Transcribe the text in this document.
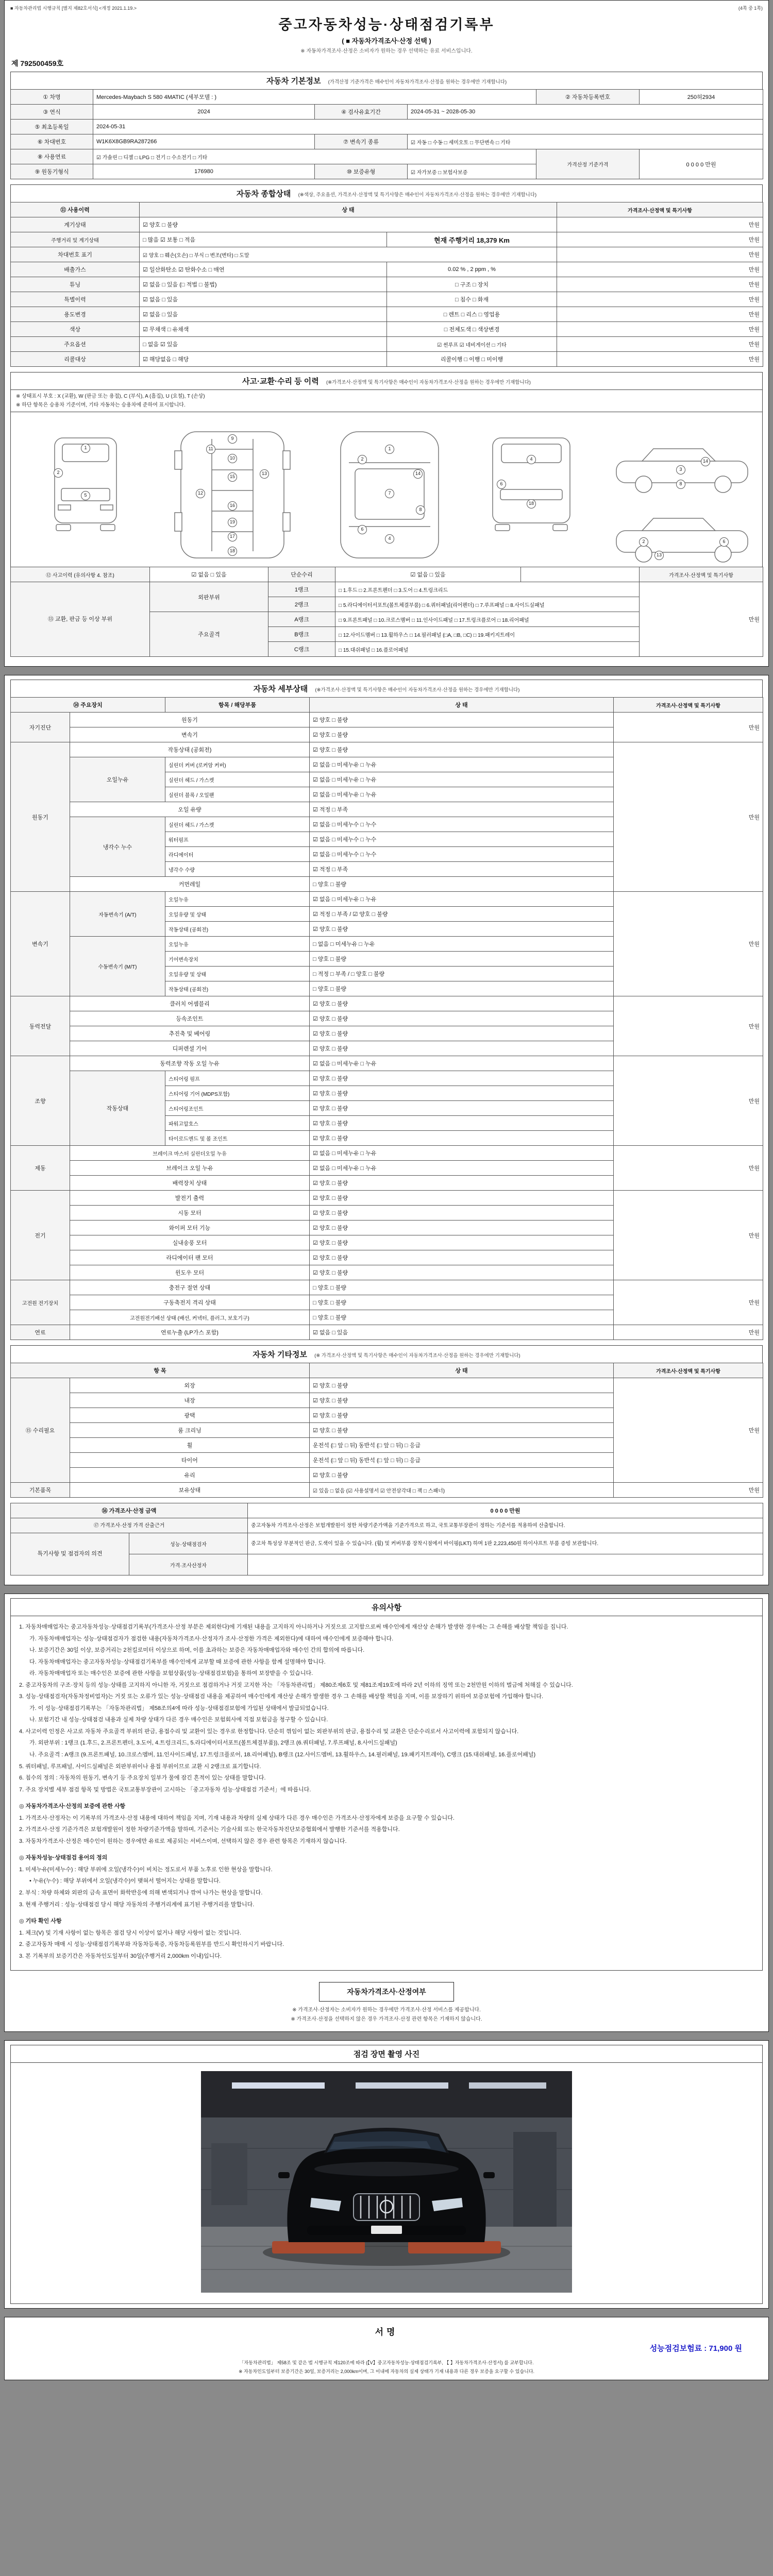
■ 자동차관리법 시행규칙 [별지 제82호서식] <개정 2021.1.19.>	(4쪽 중 1쪽)
중고자동차성능·상태점검기록부
( ■ 자동차가격조사·산정 선택 )
※ 자동차가격조사·산정은 소비자가 원하는 경우 선택하는 유료 서비스입니다.
제 792500459호
자동차 기본정보 (가격산정 기준가격은 매수인이 자동차가격조사·산정을 원하는 경우에만 기재합니다)
① 차명	Mercedes-Maybach S 580 4MATIC (세부모델 : )			② 자동차등록번호	250허2934
③ 연식	2024	④ 검사유효기간	2024-05-31 ~ 2028-05-30		
⑤ 최초등록일	2024-05-31				
⑥ 차대번호	W1K6X8GB9RA287266	⑦ 변속기 종류	☑ 자동 □ 수동 □ 세미오토 □ 무단변속 □ 기타		
⑧ 사용연료	☑ 가솔린 □ 디젤 □ LPG □ 전기 □ 수소전기 □ 기타			가격산정 기준가격	0 0 0 0 만원
⑨ 원동기형식	176980	⑩ 보증유형	☑ 자가보증 □ 보험사보증		
자동차 종합상태 (※색상, 주요옵션, 가격조사·산정액 및 특기사항은 매수인이 자동차가격조사·산정을 원하는 경우에만 기재합니다)
⑪ 사용이력	상 태		가격조사·산정액 및 특기사항
계기상태	☑ 양호 □ 불량		만원
주행거리 및 계기상태	□ 많음 ☑ 보통 □ 적음	현재 주행거리 18,379 Km	만원
차대번호 표기	☑ 양호 □ 훼손(오손) □ 부식 □ 변조(변타) □ 도말		만원
배출가스	☑ 일산화탄소 ☑ 탄화수소 □ 매연	0.02 % , 2 ppm , %	만원
튜닝	☑ 없음 □ 있음 (□ 적법 □ 불법)	□ 구조 □ 장치	만원
특별이력	☑ 없음 □ 있음	□ 침수 □ 화재	만원
용도변경	☑ 없음 □ 있음	□ 렌트 □ 리스 □ 영업용	만원
색상	☑ 무채색 □ 유채색	□ 전체도색 □ 색상변경	만원
주요옵션	□ 없음 ☑ 있음	☑ 썬루프 ☑ 네비게이션 □ 기타	만원
리콜대상	☑ 해당없음 □ 해당	리콜이행 □ 이행 □ 미이행	만원
사고·교환·수리 등 이력 (※가격조사·산정액 및 특기사항은 매수인이 자동차가격조사·산정을 원하는 경우에만 기재합니다)
※ 상태표시 부호 : X (교환), W (판금 또는 용접), C (부식), A (흠집), U (요철), T (손상)
※ 하단 항목은 승용차 기준이며, 기타 자동차는 승용차에 준하여 표시합니다.
1
5
2
9
10
11
15
12
13
16
19
17
18
1
2
7
8
6
4
14
4
6
18
3
8
14
2	6
13
⑫ 사고이력 (유의사항 4. 참조)	☑ 없음 □ 있음	단순수리	☑ 없음 □ 있음		가격조사·산정액 및 특기사항
⑬ 교환, 판금 등 이상 부위	외판부위	1랭크	□ 1.후드 □ 2.프론트펜더 □ 3.도어 □ 4.트렁크리드		만원
		2랭크	□ 5.라디에이터서포트(볼트체결부품) □ 6.쿼터패널(리어펜더) □ 7.루프패널 □ 8.사이드실패널		
	주요골격	A랭크	□ 9.프론트패널 □ 10.크로스멤버 □ 11.인사이드패널 □ 17.트렁크플로어 □ 18.리어패널		
		B랭크	□ 12.사이드멤버 □ 13.휠하우스 □ 14.필러패널 (□A, □B, □C) □ 19.패키지트레이		
		C랭크	□ 15.대쉬패널 □ 16.플로어패널		
자동차 세부상태 (※가격조사·산정액 및 특기사항은 매수인이 자동차가격조사·산정을 원하는 경우에만 기재합니다)
⑭ 주요장치		항목 / 해당부품	상 태	가격조사·산정액 및 특기사항
자기진단	원동기		☑ 양호 □ 불량	만원
	변속기		☑ 양호 □ 불량	
원동기	작동상태 (공회전)		☑ 양호 □ 불량	만원
	오일누유	실린더 커버 (로커암 커버)	☑ 없음 □ 미세누유 □ 누유	
		실린더 헤드 / 가스켓	☑ 없음 □ 미세누유 □ 누유	
		실린더 블록 / 오일팬	☑ 없음 □ 미세누유 □ 누유	
	오일 유량		☑ 적정 □ 부족	
	냉각수 누수	실린더 헤드 / 가스켓	☑ 없음 □ 미세누수 □ 누수	
		워터펌프	☑ 없음 □ 미세누수 □ 누수	
		라디에이터	☑ 없음 □ 미세누수 □ 누수	
		냉각수 수량	☑ 적정 □ 부족	
	커먼레일		□ 양호 □ 불량	
변속기	자동변속기 (A/T)	오일누유	☑ 없음 □ 미세누유 □ 누유	만원
		오일유량 및 상태	☑ 적정 □ 부족 / ☑ 양호 □ 불량	
		작동상태 (공회전)	☑ 양호 □ 불량	
	수동변속기 (M/T)	오일누유	□ 없음 □ 미세누유 □ 누유	
		기어변속장치	□ 양호 □ 불량	
		오일유량 및 상태	□ 적정 □ 부족 / □ 양호 □ 불량	
		작동상태 (공회전)	□ 양호 □ 불량	
동력전달	클러치 어셈블리		☑ 양호 □ 불량	만원
	등속조인트		☑ 양호 □ 불량	
	추진축 및 베어링		☑ 양호 □ 불량	
	디퍼렌셜 기어		☑ 양호 □ 불량	
조향	동력조향 작동 오일 누유		☑ 없음 □ 미세누유 □ 누유	만원
	작동상태	스티어링 펌프	☑ 양호 □ 불량	
		스티어링 기어 (MDPS포함)	☑ 양호 □ 불량	
		스티어링조인트	☑ 양호 □ 불량	
		파워고압호스	☑ 양호 □ 불량	
		타이로드엔드 및 볼 조인트	☑ 양호 □ 불량	
제동	브레이크 마스터 실린더오일 누유		☑ 없음 □ 미세누유 □ 누유	만원
	브레이크 오일 누유		☑ 없음 □ 미세누유 □ 누유	
	배력장치 상태		☑ 양호 □ 불량	
전기	발전기 출력		☑ 양호 □ 불량	만원
	시동 모터		☑ 양호 □ 불량	
	와이퍼 모터 기능		☑ 양호 □ 불량	
	실내송풍 모터		☑ 양호 □ 불량	
	라디에이터 팬 모터		☑ 양호 □ 불량	
	윈도우 모터		☑ 양호 □ 불량	
고전원 전기장치	충전구 절연 상태		□ 양호 □ 불량	만원
	구동축전지 격리 상태		□ 양호 □ 불량	
	고전원전기배선 상태 (배선, 커넥터, 플러그, 보호기구)		□ 양호 □ 불량	
연료	연료누출 (LP가스 포함)		☑ 없음 □ 있음	만원
자동차 기타정보 (※ 가격조사·산정액 및 특기사항은 매수인이 자동차가격조사·산정을 원하는 경우에만 기재합니다)
항 목		상 태	가격조사·산정액 및 특기사항
⑮ 수리필요	외장	☑ 양호 □ 불량	만원
	내장	☑ 양호 □ 불량	
	광택	☑ 양호 □ 불량	
	룸 크리닝	☑ 양호 □ 불량	
	휠	운전석 (□ 앞 □ 뒤) 동반석 (□ 앞 □ 뒤) □ 응급	
	타이어	운전석 (□ 앞 □ 뒤) 동반석 (□ 앞 □ 뒤) □ 응급	
	유리	☑ 양호 □ 불량	
기본품목	보유상태	☑ 있음 □ 없음 (☑ 사용설명서 ☑ 안전삼각대 □ 잭 □ 스패너)	만원
⑯ 가격조사·산정 금액		0 0 0 0 만원
⑰ 가격조사·산정 가격 산출근거		중고자동차 가격조사·산정은 보험개발원이 정한 차량기준가액을 기준가격으로 하고, 국토교통부장관이 정하는 기준서를 적용하여 산출합니다.
특기사항 및 점검자의 의견	성능·상태점검자	중고차 특성상 부분적인 판금, 도색이 있을 수 있습니다. (휠) 및 커버부품 장착시점에서 바이핑(LKT) 하며 1판 2,223,450원 하이샤프트 부품 증빙 보관합니다.
	가격·조사산정자	
유의사항
1. 자동차매매업자는 중고자동차성능·상태점검기록부(가격조사·산정 부분은 제외한다)에 기재된 내용을 고지하지 아니하거나 거짓으로 고지함으로써 매수인에게 재산상 손해가 발생한 경우에는 그 손해를 배상할 책임을 집니다.
가. 자동차매매업자는 성능·상태점검자가 점검한 내용(자동차가격조사·산정자가 조사·산정한 가격은 제외한다)에 대하여 매수인에게 보증해야 합니다.
나. 보증기간은 30일 이상, 보증거리는 2천킬로미터 이상으로 하며, 이를 초과하는 보증은 자동차매매업자와 매수인 간의 합의에 따릅니다.
다. 자동차매매업자는 중고자동차성능·상태점검기록부를 매수인에게 교부할 때 보증에 관한 사항을 함께 설명해야 합니다.
라. 자동차매매업자 또는 매수인은 보증에 관한 사항을 보험상품(성능·상태점검보험)을 통하여 보장받을 수 있습니다.
2. 중고자동차의 구조·장치 등의 성능·상태를 고지하지 아니한 자, 거짓으로 점검하거나 거짓 고지한 자는 「자동차관리법」 제80조제6호 및 제81조제19호에 따라 2년 이하의 징역 또는 2천만원 이하의 벌금에 처해질 수 있습니다.
3. 성능·상태점검자(자동차정비업자)는 거짓 또는 오류가 있는 성능·상태점검 내용을 제공하여 매수인에게 재산상 손해가 발생한 경우 그 손해를 배상할 책임을 지며, 이를 보장하기 위하여 보증보험에 가입해야 합니다.
가. 이 성능·상태점검기록부는 「자동차관리법」 제58조의4에 따라 성능·상태점검보험에 가입된 상태에서 발급되었습니다.
나. 보험기간 내 성능·상태점검 내용과 실제 차량 상태가 다른 경우 매수인은 보험회사에 직접 보험금을 청구할 수 있습니다.
4. 사고이력 인정은 사고로 자동차 주요골격 부위의 판금, 용접수리 및 교환이 있는 경우로 한정합니다. 단순히 꺾임이 없는 외판부위의 판금, 용접수리 및 교환은 단순수리로서 사고이력에 포함되지 않습니다.
가. 외판부위 : 1랭크 (1.후드, 2.프론트펜더, 3.도어, 4.트렁크리드, 5.라디에이터서포트(볼트체결부품)), 2랭크 (6.쿼터패널, 7.루프패널, 8.사이드실패널)
나. 주요골격 : A랭크 (9.프론트패널, 10.크로스멤버, 11.인사이드패널, 17.트렁크플로어, 18.리어패널), B랭크 (12.사이드멤버, 13.휠하우스, 14.필러패널, 19.패키지트레이), C랭크 (15.대쉬패널, 16.플로어패널)
5. 쿼터패널, 루프패널, 사이드실패널은 외판부위이나 용접 부위이므로 교환 시 2랭크로 표기합니다.
6. 침수의 정의 : 자동차의 원동기, 변속기 등 주요장치 일부가 물에 잠긴 흔적이 있는 상태를 말합니다.
7. 주요 장치별 세부 점검 항목 및 방법은 국토교통부장관이 고시하는 「중고자동차 성능·상태점검 기준서」에 따릅니다.
◎ 자동차가격조사·산정의 보증에 관한 사항
1. 가격조사·산정자는 이 기록부의 가격조사·산정 내용에 대하여 책임을 지며, 기재 내용과 차량의 실제 상태가 다른 경우 매수인은 가격조사·산정자에게 보증을 요구할 수 있습니다.
2. 가격조사·산정 기준가격은 보험개발원이 정한 차량기준가액을 말하며, 기준서는 기술사회 또는 한국자동차진단보증협회에서 발행한 기준서를 적용합니다.
3. 자동차가격조사·산정은 매수인이 원하는 경우에만 유료로 제공되는 서비스이며, 선택하지 않은 경우 관련 항목은 기재하지 않습니다.
◎ 자동차성능·상태점검 용어의 정의
1. 미세누유(미세누수) : 해당 부위에 오일(냉각수)이 비치는 정도로서 부품 노후로 인한 현상을 말합니다.
• 누유(누수) : 해당 부위에서 오일(냉각수)이 맺혀서 떨어지는 상태를 말합니다.
2. 부식 : 차량 하체와 외판의 금속 표면이 화학반응에 의해 변색되거나 깎여 나가는 현상을 말합니다.
3. 현재 주행거리 : 성능·상태점검 당시 해당 자동차의 주행거리계에 표기된 주행거리를 말합니다.
◎ 기타 확인 사항
1. 체크(V) 및 기재 사항이 없는 항목은 점검 당시 이상이 없거나 해당 사항이 없는 것입니다.
2. 중고자동차 매매 시 성능·상태점검기록부와 자동차등록증, 자동차등록원부를 반드시 확인하시기 바랍니다.
3. 본 기록부의 보증기간은 자동차인도일부터 30일(주행거리 2,000km 이내)입니다.
자동차가격조사·산정여부
※ 가격조사·산정자는 소비자가 원하는 경우에만 가격조사·산정 서비스를 제공합니다.
※ 가격조사·산정을 선택하지 않은 경우 가격조사·산정 관련 항목은 기재하지 않습니다.
점검 장면 촬영 사진
서명
성능점검보험료 : 71,900 원
「자동차관리법」 제58조 및 같은 법 시행규칙 제120조에 따라 (【V】중고자동차성능·상태점검기록부, 【 】자동차가격조사·산정서) 를 교부합니다.
※ 자동차인도일부터 보증기간은 30일, 보증거리는 2,000km이며, 그 이내에 자동차의 실제 상태가 기재 내용과 다른 경우 보증을 요구할 수 있습니다.
